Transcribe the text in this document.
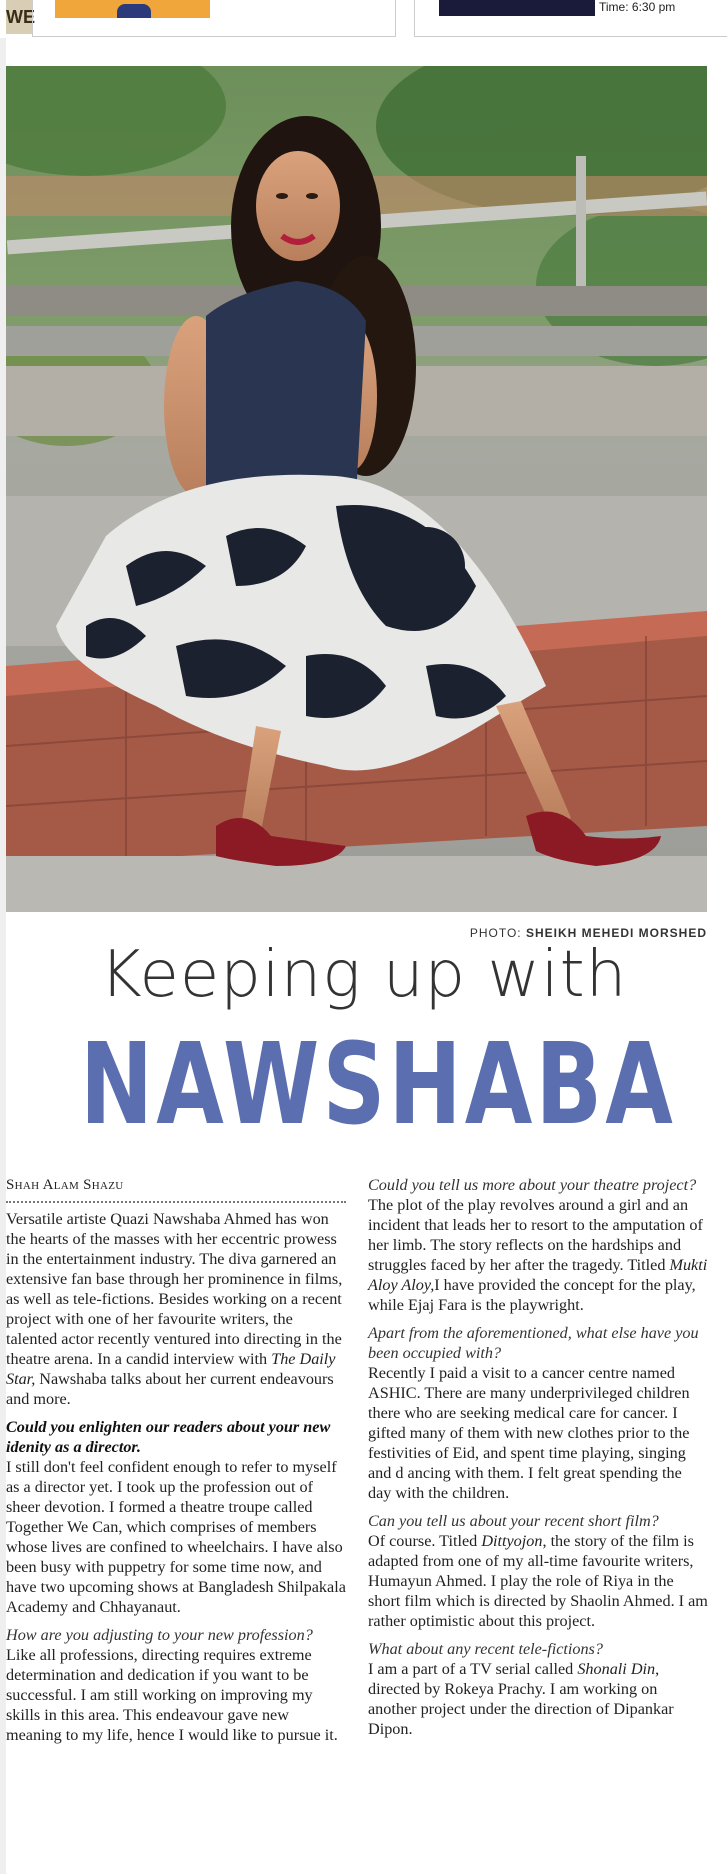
WE	Time: 6:30 pm
PHOTO: SHEIKH MEHEDI MORSHED
Keeping up with
NAWSHABA
Shah Alam Shazu

Versatile artiste Quazi Nawshaba Ahmed has won the hearts of the masses with her eccentric prowess in the entertainment industry. The diva garnered an extensive fan base through her prominence in films, as well as tele-fictions. Besides working on a recent project with one of her favourite writers, the talented actor recently ventured into directing in the theatre arena. In a candid interview with The Daily Star, Nawshaba talks about her current endeavours and more.

Could you enlighten our readers about your new idenity as a director.
I still don't feel confident enough to refer to myself as a director yet. I took up the profession out of sheer devotion. I formed a theatre troupe called Together We Can, which comprises of members whose lives are confined to wheelchairs. I have also been busy with puppetry for some time now, and have two upcoming shows at Bangladesh Shilpakala Academy and Chhayanaut.

How are you adjusting to your new profession?
Like all professions, directing requires extreme determination and dedication if you want to be successful. I am still working on improving my skills in this area. This endeavour gave new meaning to my life, hence I would like to pursue it.

Could you tell us more about your theatre project?
The plot of the play revolves around a girl and an incident that leads her to resort to the amputation of her limb. The story reflects on the hardships and struggles faced by her after the tragedy. Titled Mukti Aloy Aloy,I have provided the concept for the play, while Ejaj Fara is the playwright.

Apart from the aforementioned, what else have you been occupied with?
Recently I paid a visit to a cancer centre named ASHIC. There are many underprivileged children there who are seeking medical care for cancer. I gifted many of them with new clothes prior to the festivities of Eid, and spent time playing, singing and d ancing with them. I felt great spending the day with the children.

Can you tell us about your recent short film?
Of course. Titled Dittyojon, the story of the film is adapted from one of my all-time favourite writers, Humayun Ahmed. I play the role of Riya in the short film which is directed by Shaolin Ahmed. I am rather optimistic about this project.

What about any recent tele-fictions?
I am a part of a TV serial called Shonali Din, directed by Rokeya Prachy. I am working on another project under the direction of Dipankar Dipon.
